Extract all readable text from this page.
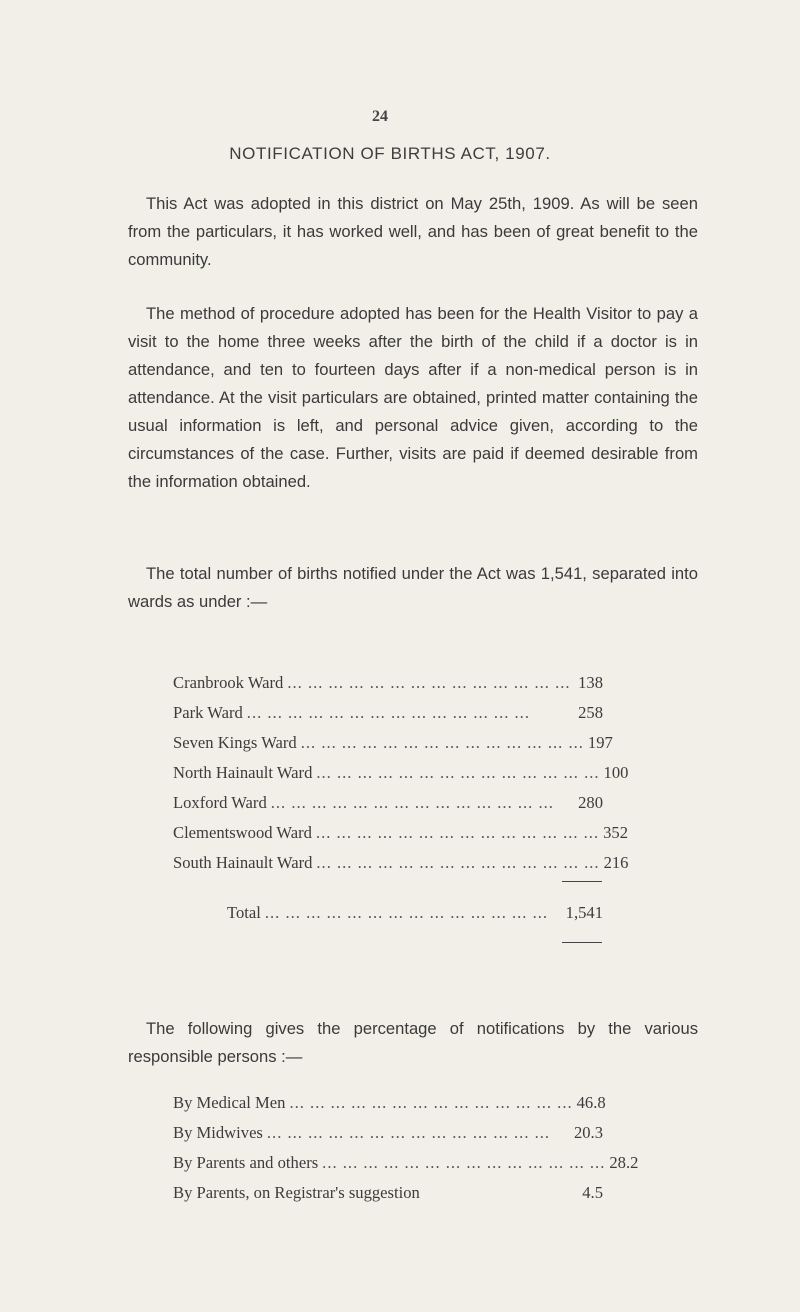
24
NOTIFICATION OF BIRTHS ACT, 1907.

This Act was adopted in this district on May 25th, 1909. As will be seen from the particulars, it has worked well, and has been of great benefit to the community.

The method of procedure adopted has been for the Health Visitor to pay a visit to the home three weeks after the birth of the child if a doctor is in attendance, and ten to fourteen days after if a non-medical person is in attendance. At the visit particulars are obtained, printed matter containing the usual information is left, and personal advice given, according to the circumstances of the case. Further, visits are paid if deemed desirable from the information obtained.

The total number of births notified under the Act was 1,541, separated into wards as under :—

Cranbrook Ward ... ... ... ... ... ... ... ... ... ... ... ... ... ... 138
Park Ward ... ... ... ... ... ... ... ... ... ... ... ... ... ...	258
Seven Kings Ward ... ... ... ... ... ... ... ... ... ... ... ... ... ... 197
North Hainault Ward ... ... ... ... ... ... ... ... ... ... ... ... ... ... 100
Loxford Ward ... ... ... ... ... ... ... ... ... ... ... ... ... ...	280
Clementswood Ward ... ... ... ... ... ... ... ... ... ... ... ... ... ... 352
South Hainault Ward ... ... ... ... ... ... ... ... ... ... ... ... ... ... 216
Total ... ... ... ... ... ... ... ... ... ... ... ... ... ...	1,541

The following gives the percentage of notifications by the various responsible persons :—

By Medical Men ... ... ... ... ... ... ... ... ... ... ... ... ... ... 46.8
By Midwives ... ... ... ... ... ... ... ... ... ... ... ... ... ...	20.3
By Parents and others ... ... ... ... ... ... ... ... ... ... ... ... ... ... 28.2
By Parents, on Registrar's suggestion	4.5
